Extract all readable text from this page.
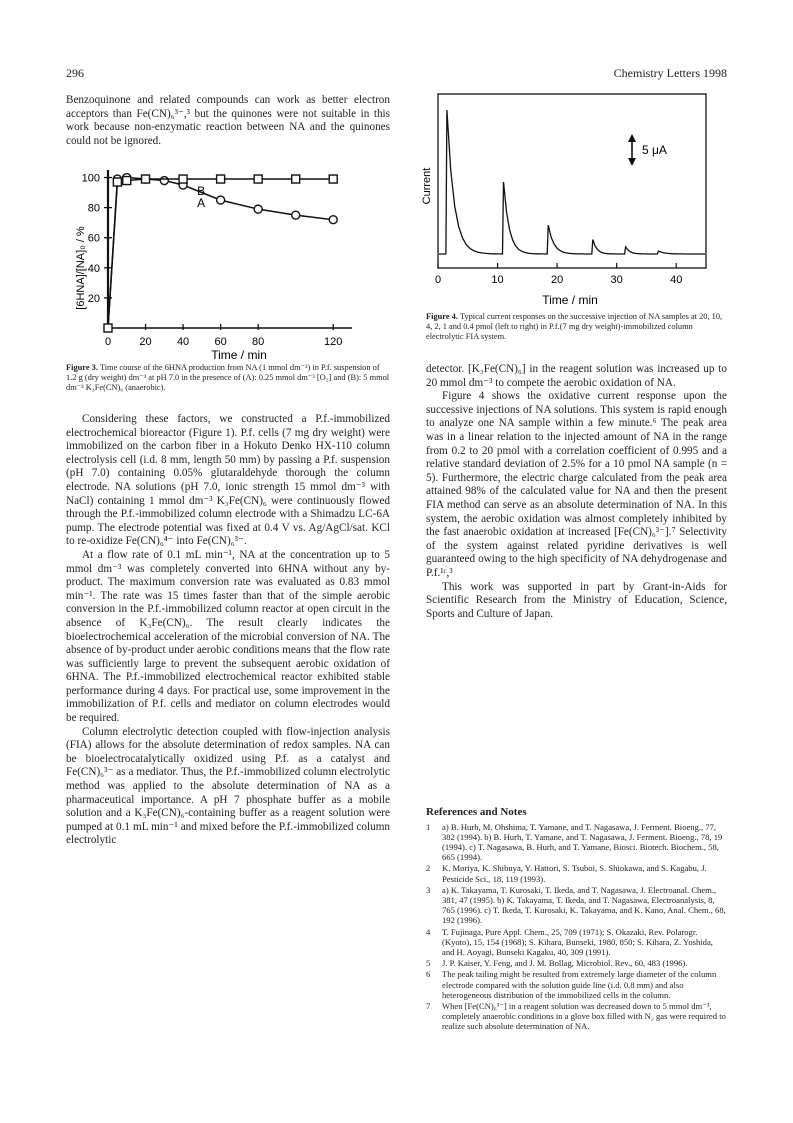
296	Chemistry Letters 1998

Benzoquinone and related compounds can work as better electron acceptors than Fe(CN)₆³⁻,³ but the quinones were not suitable in this work because non-enzymatic reaction between NA and the quinones could not be ignored.

20
40
60
80
100
0	20 40 60 80	120
A
B
[6HNA]/[NA]₀ / %
Time / min
Figure 3. Time course of the 6HNA production from NA (1 mmol dm⁻³) in P.f. suspension of 1.2 g (dry weight) dm⁻³ at pH 7.0 in the presence of (A): 0.25 mmol dm⁻³ [O₂] and (B): 5 mmol dm⁻³ K₃Fe(CN)₆ (anaerobic).

Considering these factors, we constructed a P.f.-immobilized electrochemical bioreactor (Figure 1). P.f. cells (7 mg dry weight) were immobilized on the carbon fiber in a Hokuto Denko HX-110 column electrolysis cell (i.d. 8 mm, length 50 mm) by passing a P.f. suspension (pH 7.0) containing 0.05% glutaraldehyde thorough the column electrode. NA solutions (pH 7.0, ionic strength 15 mmol dm⁻³ with NaCl) containing 1 mmol dm⁻³ K₃Fe(CN)₆ were continuously flowed through the P.f.-immobilized column electrode with a Shimadzu LC-6A pump. The electrode potential was fixed at 0.4 V vs. Ag/AgCl/sat. KCl to re-oxidize Fe(CN)₆⁴⁻ into Fe(CN)₆³⁻.

At a flow rate of 0.1 mL min⁻¹, NA at the concentration up to 5 mmol dm⁻³ was completely converted into 6HNA without any by-product. The maximum conversion rate was evaluated as 0.83 mmol min⁻¹. The rate was 15 times faster than that of the simple aerobic conversion in the P.f.-immobilized column reactor at open circuit in the absence of K₃Fe(CN)₆. The result clearly indicates the bioelectrochemical acceleration of the microbial conversion of NA. The absence of by-product under aerobic conditions means that the flow rate was sufficiently large to prevent the subsequent aerobic oxidation of 6HNA. The P.f.-immobilized electrochemical reactor exhibited stable performance during 4 days. For practical use, some improvement in the immobilization of P.f. cells and mediator on column electrodes would be required.

Column electrolytic detection coupled with flow-injection analysis (FIA) allows for the absolute determination of redox samples. NA can be bioelectrocatalytically oxidized using P.f. as a catalyst and Fe(CN)₆³⁻ as a mediator. Thus, the P.f.-immobilized column electrolytic method was applied to the absolute determination of NA as a pharmaceutical importance. A pH 7 phosphate buffer as a mobile solution and a K₃Fe(CN)₆-containing buffer as a reagent solution were pumped at 0.1 mL min⁻¹ and mixed before the P.f.-immobilized column electrolytic

0	10	20	30	40
Current
Time / min
5 μA
Figure 4. Typical current responses on the successive injection of NA samples at 20, 10, 4, 2, 1 and 0.4 pmol (left to right) in P.f.(7 mg dry weight)-immobilized column electrolytic FIA system.

detector. [K₃Fe(CN)₆] in the reagent solution was increased up to 20 mmol dm⁻³ to compete the aerobic oxidation of NA.

Figure 4 shows the oxidative current response upon the successive injections of NA solutions. This system is rapid enough to analyze one NA sample within a few minute.⁶ The peak area was in a linear relation to the injected amount of NA in the range from 0.2 to 20 pmol with a correlation coefficient of 0.995 and a relative standard deviation of 2.5% for a 10 pmol NA sample (n = 5). Furthermore, the electric charge calculated from the peak area attained 98% of the calculated value for NA and then the present FIA method can serve as an absolute determination of NA. In this system, the aerobic oxidation was almost completely inhibited by the fast anaerobic oxidation at increased [Fe(CN)₆³⁻].⁷ Selectivity of the system against related pyridine derivatives is well guaranteed owing to the high specificity of NA dehydrogenase and P.f.¹ᶜ,³

This work was supported in part by Grant-in-Aids for Scientific Research from the Ministry of Education, Science, Sports and Culture of Japan.

References and Notes
1	a) B. Hurh, M. Ohshima, T. Yamane, and T. Nagasawa, J. Ferment. Bioeng., 77, 382 (1994). b) B. Hurh, T. Yamane, and T. Nagasawa, J. Ferment. Bioeng., 78, 19 (1994). c) T. Nagasawa, B. Hurh, and T. Yamane, Biosci. Biotech. Biochem., 58, 665 (1994).
2	K. Moriya, K. Shibuya, Y. Hattori, S. Tsuboi, S. Shiokawa, and S. Kagabu, J. Pesticide Sci., 18, 119 (1993).
3	a) K. Takayama, T. Kurosaki, T. Ikeda, and T. Nagasawa, J. Electroanal. Chem., 381, 47 (1995). b) K. Takayama, T. Ikeda, and T. Nagasawa, Electroanalysis, 8, 765 (1996). c) T. Ikeda, T. Kurosaki, K. Takayama, and K. Kano, Anal. Chem., 68, 192 (1996).
4	T. Fujinaga, Pure Appl. Chem., 25, 709 (1971); S. Okazaki, Rev. Polarogr. (Kyoto), 15, 154 (1968); S. Kihara, Bunseki, 1980, 850; S. Kihara, Z. Yoshida, and H. Aoyagi, Bunseki Kagaku, 40, 309 (1991).
5	J. P. Kaiser, Y. Feng, and J. M. Bollag, Microbiol. Rev., 60, 483 (1996).
6	The peak tailing might be resulted from extremely large diameter of the column electrode compared with the solution guide line (i.d. 0.8 mm) and also heterogeneous distribution of the immobilized cells in the column.
7	When [Fe(CN)₆³⁻] in a reagent solution was decreased down to 5 mmol dm⁻³, completely anaerobic conditions in a glove box filled with N₂ gas were required to realize such absolute determination of NA.
